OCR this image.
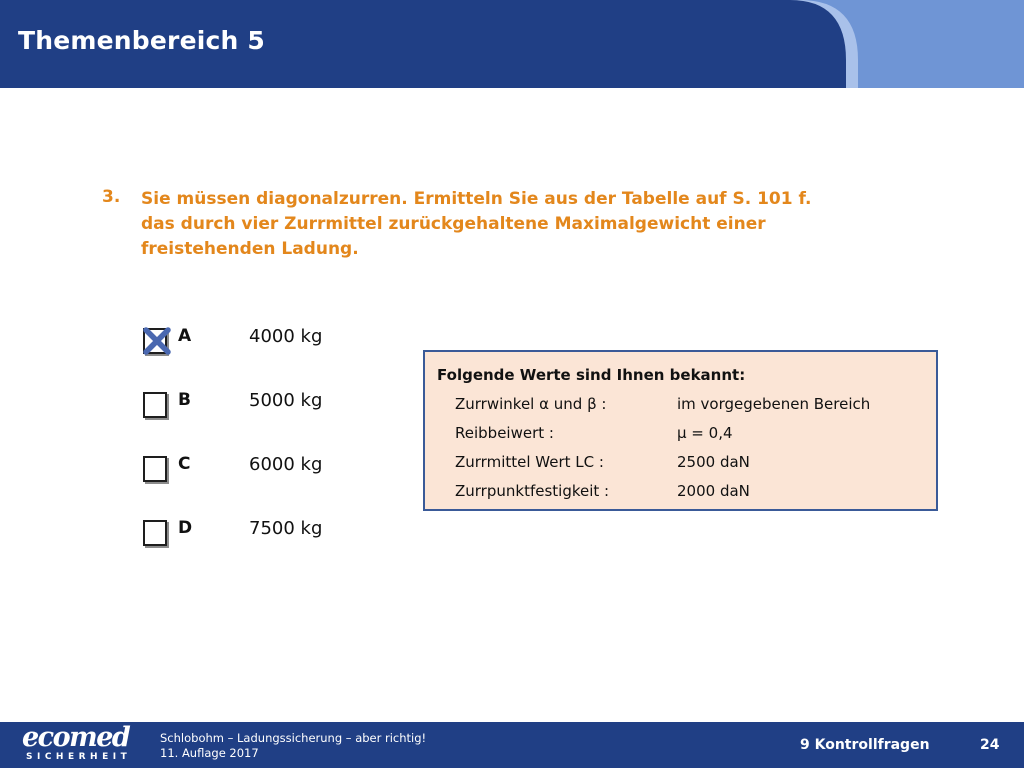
Themenbereich 5
3. Sie müssen diagonalzurren. Ermitteln Sie aus der Tabelle auf S. 101 f.
das durch vier Zurrmittel zurückgehaltene Maximalgewicht einer
freistehenden Ladung.
A	4000 kg
B	5000 kg
C	6000 kg
D	7500 kg
Folgende Werte sind Ihnen bekannt:
Zurrwinkel α und β :	im vorgegebenen Bereich
Reibbeiwert :	μ = 0,4
Zurrmittel Wert LC :	2500 daN
Zurrpunktfestigkeit :	2000 daN
ecomed
SICHERHEIT
Schlobohm – Ladungssicherung – aber richtig!
11. Auflage 2017	9 Kontrollfragen	24
